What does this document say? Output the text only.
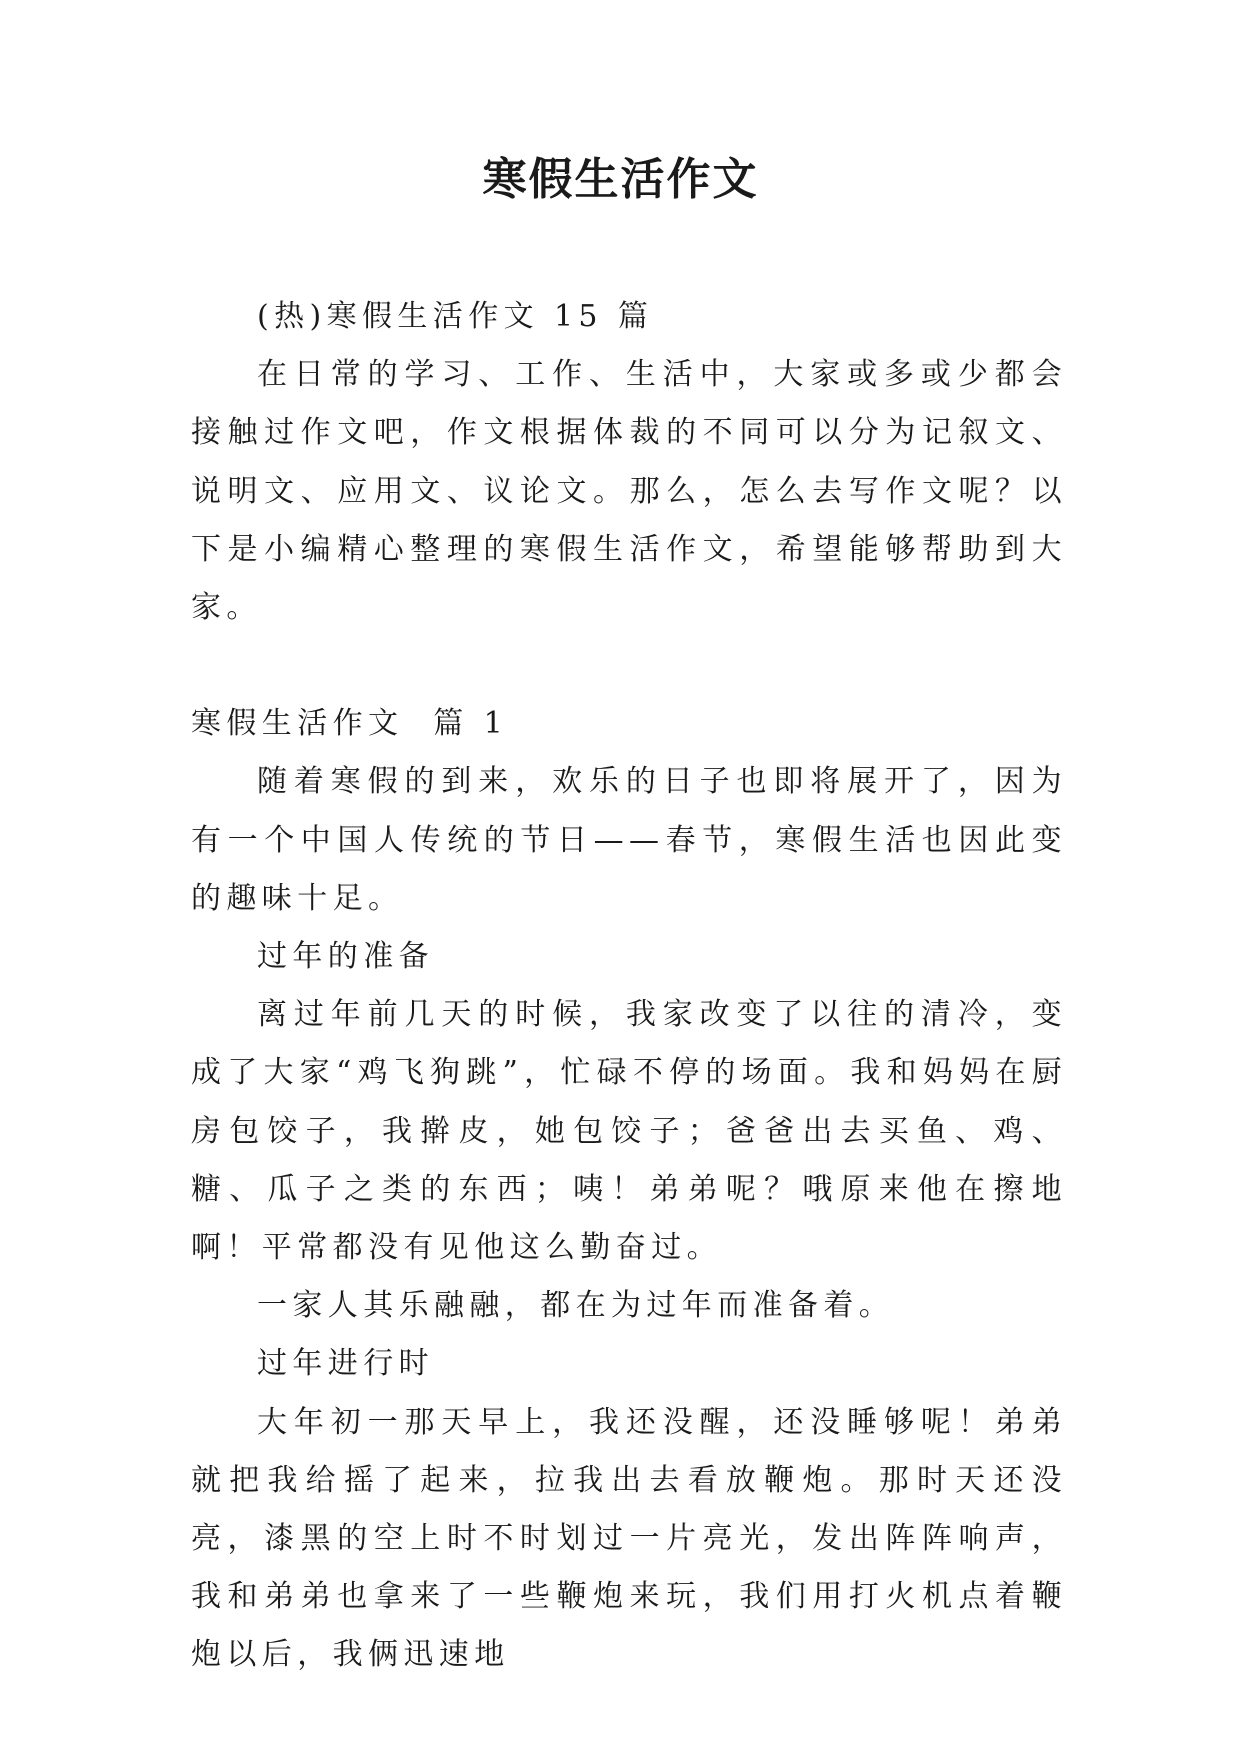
寒假生活作文

(热)寒假生活作文 15 篇

在日常的学习、工作、生活中，大家或多或少都会接触过作文吧，作文根据体裁的不同可以分为记叙文、说明文、应用文、议论文。那么，怎么去写作文呢？以下是小编精心整理的寒假生活作文，希望能够帮助到大家。

寒假生活作文  篇 1

随着寒假的到来，欢乐的日子也即将展开了，因为有一个中国人传统的节日——春节，寒假生活也因此变的趣味十足。

过年的准备

离过年前几天的时候，我家改变了以往的清冷，变成了大家“鸡飞狗跳”，忙碌不停的场面。我和妈妈在厨房包饺子，我擀皮，她包饺子；爸爸出去买鱼、鸡、糖、瓜子之类的东西；咦！弟弟呢？哦原来他在擦地啊！平常都没有见他这么勤奋过。

一家人其乐融融，都在为过年而准备着。

过年进行时

大年初一那天早上，我还没醒，还没睡够呢！弟弟就把我给摇了起来，拉我出去看放鞭炮。那时天还没亮，漆黑的空上时不时划过一片亮光，发出阵阵响声，我和弟弟也拿来了一些鞭炮来玩，我们用打火机点着鞭炮以后，我俩迅速地
